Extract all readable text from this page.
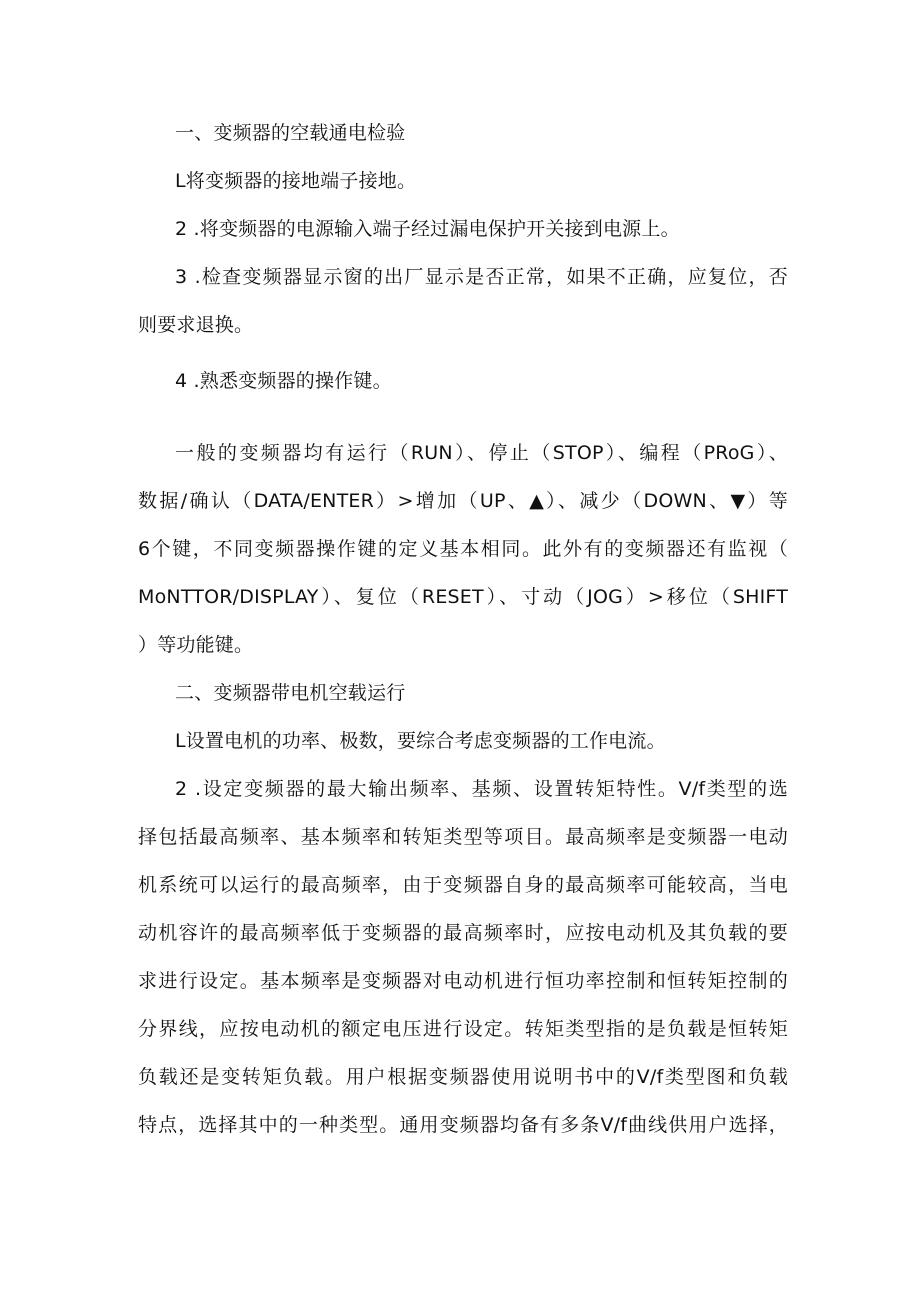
一、变频器的空载通电检验
L将变频器的接地端子接地。
2 .将变频器的电源输入端子经过漏电保护开关接到电源上。
3 .检查变频器显示窗的出厂显示是否正常，如果不正确，应复位，否
则要求退换。
4 .熟悉变频器的操作键。
一般的变频器均有运行（RUN）、停止（STOP）、编程（PRoG）、
数据/确认（DATA/ENTER）>增加（UP、▲）、减少（DOWN、▼）等
6个键，不同变频器操作键的定义基本相同。此外有的变频器还有监视（
MoNTTOR/DISPLAY）、复位（RESET）、寸动（JOG）>移位（SHIFT
）等功能键。
二、变频器带电机空载运行
L设置电机的功率、极数，要综合考虑变频器的工作电流。
2 .设定变频器的最大输出频率、基频、设置转矩特性。V/f类型的选
择包括最高频率、基本频率和转矩类型等项目。最高频率是变频器一电动
机系统可以运行的最高频率，由于变频器自身的最高频率可能较高，当电
动机容许的最高频率低于变频器的最高频率时，应按电动机及其负载的要
求进行设定。基本频率是变频器对电动机进行恒功率控制和恒转矩控制的
分界线，应按电动机的额定电压进行设定。转矩类型指的是负载是恒转矩
负载还是变转矩负载。用户根据变频器使用说明书中的V/f类型图和负载
特点，选择其中的一种类型。通用变频器均备有多条V/f曲线供用户选择，
